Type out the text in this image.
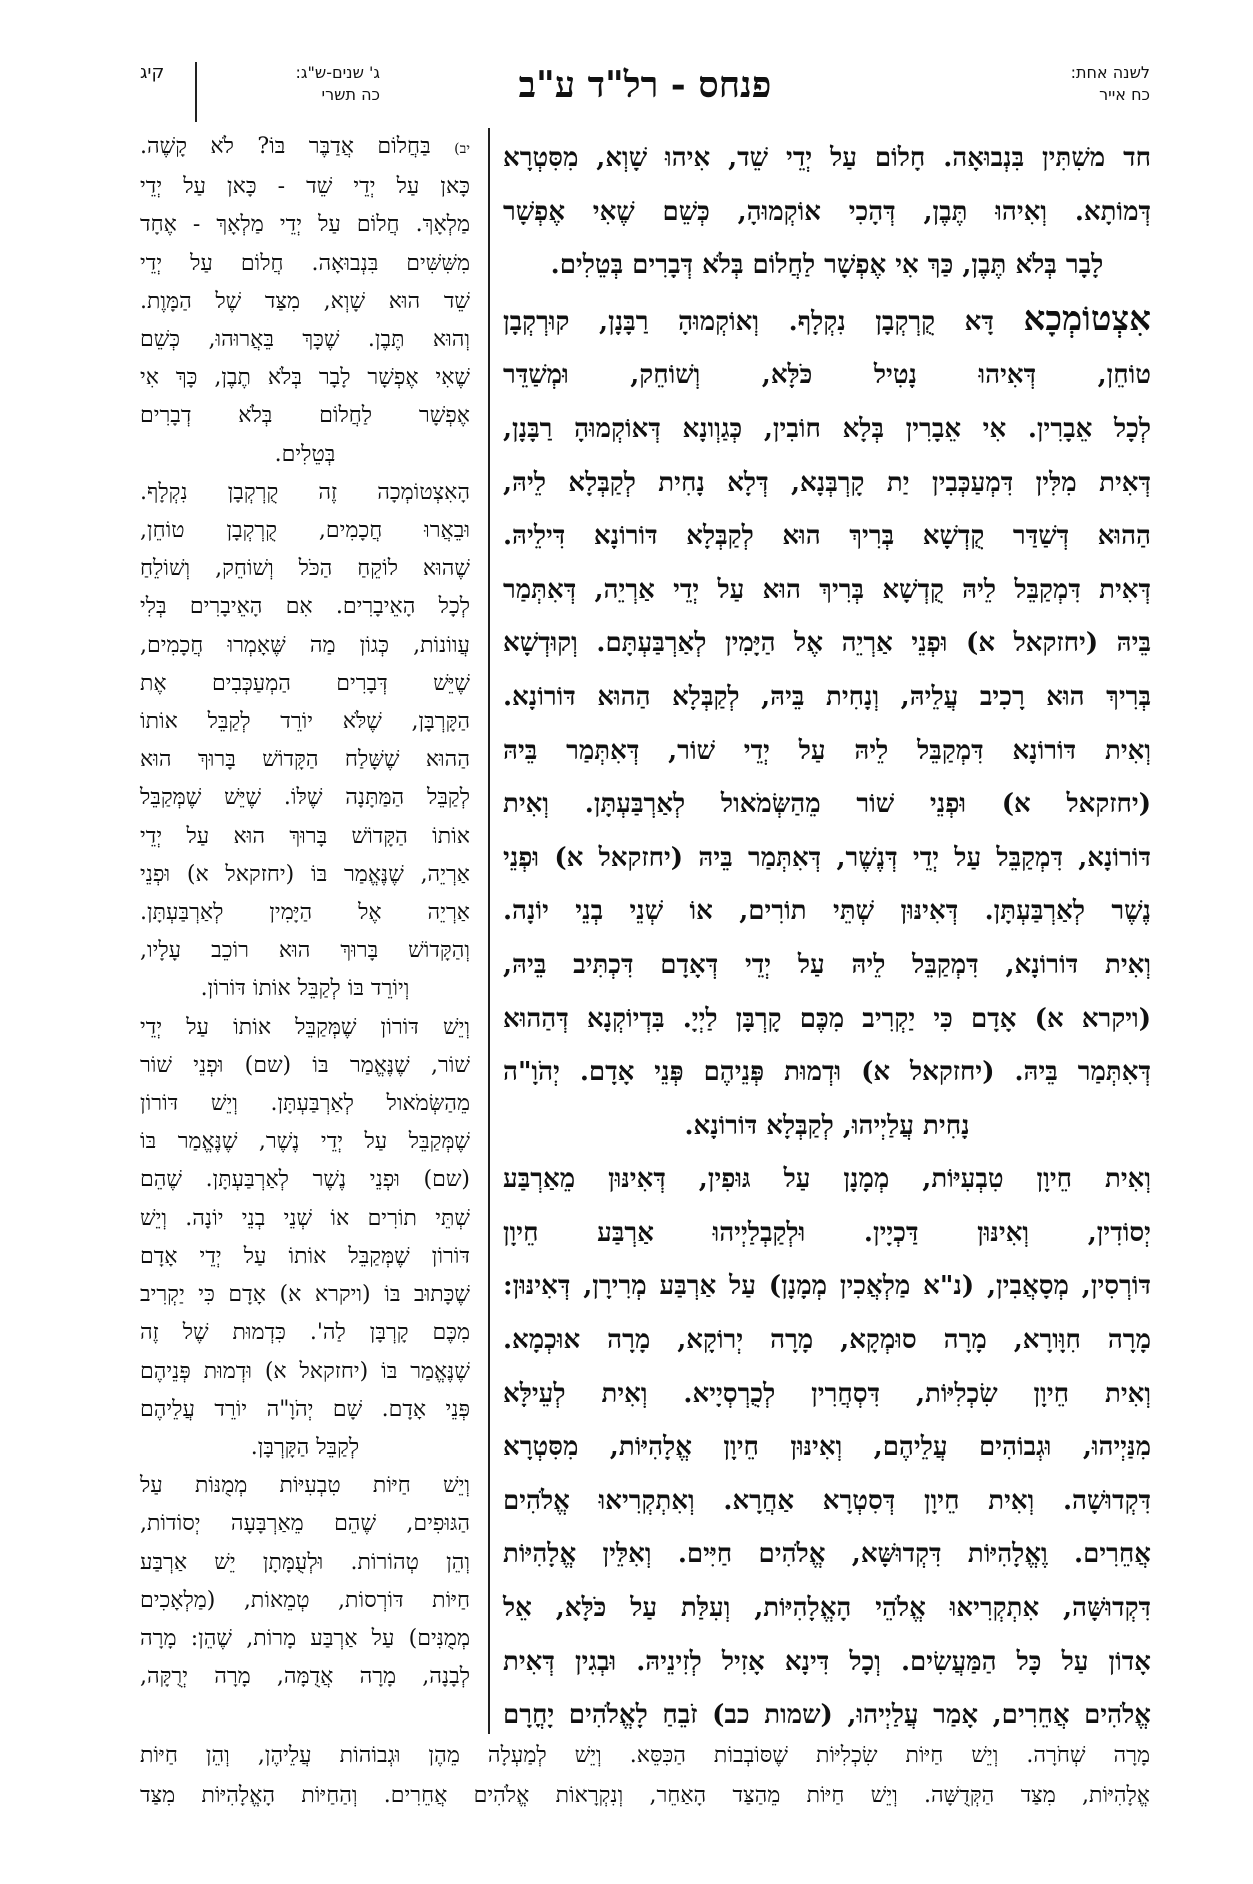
לשנה אחת:
כח אייר
פנחס - רל"ד ע"ב
קיג	ג' שנים-ש"ג:
כה תשרי

חד משִׁתִּין בִּנְבוּאָה. חָלוֹם עַל יְדֵי שֵׁד, אִיהוּ שָׁוְא, מִסִּטְרָא

דְּמוֹתָא. וְאִיהוּ תֶּבֶן, דְּהָכִי אוֹקְמוּהָ, כְּשֵׁם שֶׁאִי אֶפְשָׁר

לָבָר בְּלֹא תֶּבֶן, כַּךְ אִי אֶפְשָׁר לַחֲלוֹם בְּלֹא דְּבָרִים בְּטֵלִים.

אִצְטוֹמְכָא דָּא קֻרְקְבָן נִקְלָף. וְאוֹקְמוּהָ רַבָּנָן, קוּרְקְבָן

טוֹחֵן, דְּאִיהוּ נָטִיל כֹּלָּא, וְשׁוֹחֵק, וּמְשַׁדֵּר

לְכָל אֵבָרִין. אִי אֵבָרִין בְּלָא חוֹבִין, כְּגַוְונָא דְּאוֹקְמוּהָ רַבָּנָן,

דְּאִית מִלִּין דִּמְעַכְּבִין יַת קָרְבְּנָא, דְּלָא נָחִית לְקַבְּלָא לֵיהּ,

הַהוּא דְּשַׁדַּר קֻדְשָׁא בְּרִיךְ הוּא לְקַבְּלָא דּוֹרוֹנָא דִּילֵיהּ.

דְּאִית דִּמְקַבֵּל לֵיהּ קֻדְשָׁא בְּרִיךְ הוּא עַל יְדֵי אַרְיֵה, דְּאִתְּמַר

בֵּיהּ (יחזקאל א) וּפְנֵי אַרְיֵה אֶל הַיָּמִין לְאַרְבַּעְתָּם. וְקוּדְשָׁא

בְּרִיךְ הוּא רָכִיב עֲלֵיהּ, וְנָחִית בֵּיהּ, לְקַבְּלָא הַהוּא דּוֹרוֹנָא.

וְאִית דּוֹרוֹנָא דִּמְקַבֵּל לֵיהּ עַל יְדֵי שׁוֹר, דְּאִתְּמַר בֵּיהּ

(יחזקאל א) וּפְנֵי שׁוֹר מֵהַשְּׂמֹאול לְאַרְבַּעְתָּן. וְאִית

דּוֹרוֹנָא, דִּמְקַבֵּל עַל יְדֵי דְּנֶשֶׁר, דְּאִתְּמַר בֵּיהּ (יחזקאל א) וּפְנֵי

נֶשֶׁר לְאַרְבַּעְתָּן. דְּאִינּוּן שְׁתֵּי תוֹרִים, אוֹ שְׁנֵי בְנֵי יוֹנָה.

וְאִית דּוֹרוֹנָא, דִּמְקַבֵּל לֵיהּ עַל יְדֵי דְּאָדָם דִּכְתִּיב בֵּיהּ,

(ויקרא א) אָדָם כִּי יַקְרִיב מִכֶּם קָרְבָּן לַיְיָ. בִּדְיוֹקְנָא דְּהַהוּא

דְּאִתְּמַר בֵּיהּ. (יחזקאל א) וּדְמוּת פְּנֵיהֶם פְּנֵי אָדָם. יְהֹוָ"ה

נָחִית עֲלַיְיהוּ, לְקַבְּלָא דּוֹרוֹנָא.

וְאִית חֵיוָן טִבְעִיּוֹת, מְמָנָן עַל גּוּפִין, דְּאִינּוּן מֵאַרְבַּע

יְסוֹדִין, וְאִינּוּן דַּכְיָין. וּלְקַבְלַיְיהוּ אַרְבַּע חֵיוָן

דּוֹרְסִין, מְסָאֲבִין, (נ"א מַלְאֲכִין מְמָנָן) עַל אַרְבַּע מְרִירָן, דְּאִינּוּן:

מָרָה חִוָּורָא, מָרָה סוּמְקָא, מָרָה יְרוֹקָא, מָרָה אוּכְמָא.

וְאִית חֵיוָן שִׂכְלִיּוֹת, דִּסְחֲרִין לְכֻרְסְיָיא. וְאִית לְעֵילָּא

מִנַּיְיהוּ, וּגְבוֹהִים עֲלֵיהֶם, וְאִינּוּן חֵיוָן אֱלָהִיּוֹת, מִסִּטְרָא

דִּקְדוּשָׁה. וְאִית חֵיוָן דְּסִטְרָא אַחֲרָא. וְאִתְקְרִיאוּ אֱלֹהִים

אֲחֵרִים. וֶאֱלָהִיּוֹת דִּקְדוּשָּׁא, אֱלֹהִים חַיִּים. וְאִלֵּין אֱלָהִיּוֹת

דִּקְדוּשָּׁה, אִתְקְרִיאוּ אֱלֹהֵי הָאֱלָהִיּוֹת, וְעִלַּת עַל כֹּלָּא, אֵל

אָדוֹן עַל כָּל הַמַּעֲשִׂים. וְכָל דִּינָא אָזִיל לְזִינֵיהּ. וּבְגִין דְּאִית

אֱלֹהִים אֲחֵרִים, אָמַר עֲלַיְיהוּ, (שמות כב) זֹבֵחַ לָאֱלֹהִים יָחֳרָם

יב) בַּחֲלוֹם אֲדַבֶּר בּוֹ? לֹא קָשֶׁה.

כָּאן עַל יְדֵי שֵׁד - כָּאן עַל יְדֵי

מַלְאָךְ. חֲלוֹם עַל יְדֵי מַלְאָךְ - אֶחָד

מִשִּׁשִּׁים בִּנְבוּאָה. חֲלוֹם עַל יְדֵי

שֵׁד הוּא שָׁוְא, מִצַּד שֶׁל הַמָּוֶת.

וְהוּא תֶּבֶן. שֶׁכָּךְ בֵּאֲרוּהוּ, כְּשֵׁם

שֶׁאִי אֶפְשָׁר לָבָר בְּלֹא תֶבֶן, כָּךְ אִי

אֶפְשָׁר לַחֲלוֹם בְּלֹא דְבָרִים

בְּטֵלִים.

הָאִצְטוֹמְכָה זֶה קֻרְקְבָן נִקְלָף.

וּבֵאֲרוּ חֲכָמִים, קֻרְקְבָן טוֹחֵן,

שֶׁהוּא לוֹקֵחַ הַכֹּל וְשׁוֹחֵק, וְשׁוֹלֵחַ

לְכָל הָאֵיבָרִים. אִם הָאֵיבָרִים בְּלִי

עֲווֹנוֹת, כְּגוֹן מַה שֶּׁאָמְרוּ חֲכָמִים,

שֶׁיֵּשׁ דְּבָרִים הַמְעַכְּבִים אֶת

הַקָּרְבָּן, שֶׁלֹּא יוֹרֵד לְקַבֵּל אוֹתוֹ

הַהוּא שֶׁשָּׁלַח הַקָּדוֹשׁ בָּרוּךְ הוּא

לְקַבֵּל הַמַּתָּנָה שֶׁלּוֹ. שֶׁיֵּשׁ שֶׁמְּקַבֵּל

אוֹתוֹ הַקָּדוֹשׁ בָּרוּךְ הוּא עַל יְדֵי

אַרְיֵה, שֶׁנֶּאֱמַר בּוֹ (יחזקאל א) וּפְנֵי

אַרְיֵה אֶל הַיָּמִין לְאַרְבַּעְתָּן.

וְהַקָּדוֹשׁ בָּרוּךְ הוּא רוֹכֵב עָלָיו,

וְיוֹרֵד בּוֹ לְקַבֵּל אוֹתוֹ דּוֹרוֹן.

וְיֵשׁ דּוֹרוֹן שֶׁמְּקַבֵּל אוֹתוֹ עַל יְדֵי

שׁוֹר, שֶׁנֶּאֱמַר בּוֹ (שם) וּפְנֵי שׁוֹר

מֵהַשְּׂמֹאול לְאַרְבַּעְתָּן. וְיֵשׁ דּוֹרוֹן

שֶׁמְּקַבֵּל עַל יְדֵי נֶשֶׁר, שֶׁנֶּאֱמַר בּוֹ

(שם) וּפְנֵי נֶשֶׁר לְאַרְבַּעְתָּן. שֶׁהֵם

שְׁתֵּי תוֹרִים אוֹ שְׁנֵי בְנֵי יוֹנָה. וְיֵשׁ

דּוֹרוֹן שֶׁמְּקַבֵּל אוֹתוֹ עַל יְדֵי אָדָם

שֶׁכָּתוּב בּוֹ (ויקרא א) אָדָם כִּי יַקְרִיב

מִכֶּם קָרְבָּן לַה'. כִּדְמוּת שֶׁל זֶה

שֶׁנֶּאֱמַר בּוֹ (יחזקאל א) וּדְמוּת פְּנֵיהֶם

פְּנֵי אָדָם. שָׁם יְהֹוָ"ה יוֹרֵד עֲלֵיהֶם

לְקַבֵּל הַקָּרְבָּן.

וְיֵשׁ חַיּוֹת טִבְעִיּוֹת מְמֻנּוֹת עַל

הַגּוּפִים, שֶׁהֵם מֵאַרְבָּעָה יְסוֹדוֹת,

וְהֵן טְהוֹרוֹת. וּלְעֻמָּתָן יֵשׁ אַרְבַּע

חַיּוֹת דּוֹרְסוֹת, טְמֵאוֹת, (מַלְאָכִים

מְמֻנִּים) עַל אַרְבַּע מָרוֹת, שֶׁהֵן: מָרָה

לְבָנָה, מָרָה אֲדֻמָּה, מָרָה יְרֻקָּה,

מָרָה שְׁחֹרָה. וְיֵשׁ חַיּוֹת שִׂכְלִיּוֹת שֶׁסּוֹבְבוֹת הַכִּסֵּא. וְיֵשׁ לְמַעְלָה מֵהֶן וּגְבוֹהוֹת עֲלֵיהֶן, וְהֵן חַיּוֹת

אֱלָהִיּוֹת, מִצַּד הַקְּדֻשָּׁה. וְיֵשׁ חַיּוֹת מֵהַצַּד הָאַחֵר, וְנִקְרָאוֹת אֱלֹהִים אֲחֵרִים. וְהַחַיּוֹת הָאֱלָהִיּוֹת מִצַּד
